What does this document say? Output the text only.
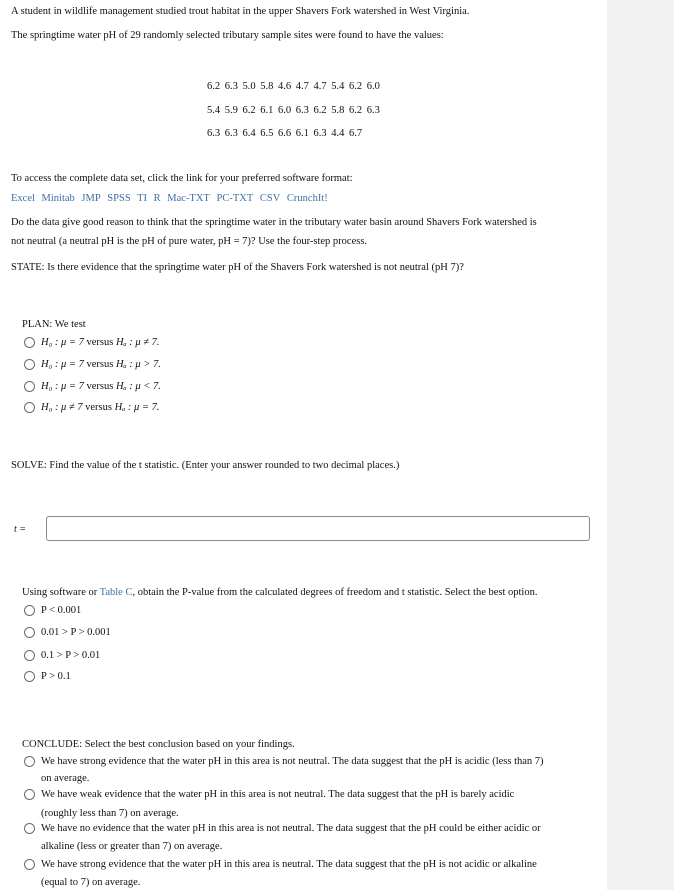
A student in wildlife management studied trout habitat in the upper Shavers Fork watershed in West Virginia.
The springtime water pH of 29 randomly selected tributary sample sites were found to have the values:
6.2 6.3 5.0 5.8 4.6 4.7 4.7 5.4 6.2 6.0
5.4 5.9 6.2 6.1 6.0 6.3 6.2 5.8 6.2 6.3
6.3 6.3 6.4 6.5 6.6 6.1 6.3 4.4 6.7
To access the complete data set, click the link for your preferred software format:
Excel Minitab JMP SPSS TI R Mac-TXT PC-TXT CSV CrunchIt!
Do the data give good reason to think that the springtime water in the tributary water basin around Shavers Fork watershed is
not neutral (a neutral pH is the pH of pure water, pH = 7)? Use the four-step process.
STATE: Is there evidence that the springtime water pH of the Shavers Fork watershed is not neutral (pH 7)?
PLAN: We test
H₀ : μ = 7 versus Hₐ : μ ≠ 7.
H₀ : μ = 7 versus Hₐ : μ > 7.
H₀ : μ = 7 versus Hₐ : μ < 7.
H₀ : μ ≠ 7 versus Hₐ : μ = 7.
SOLVE: Find the value of the t statistic. (Enter your answer rounded to two decimal places.)
t =
Using software or Table C, obtain the P-value from the calculated degrees of freedom and t statistic. Select the best option.
P < 0.001
0.01 > P > 0.001
0.1 > P > 0.01
P > 0.1
CONCLUDE: Select the best conclusion based on your findings.
We have strong evidence that the water pH in this area is not neutral. The data suggest that the pH is acidic (less than 7)
on average.
We have weak evidence that the water pH in this area is not neutral. The data suggest that the pH is barely acidic
(roughly less than 7) on average.
We have no evidence that the water pH in this area is not neutral. The data suggest that the pH could be either acidic or
alkaline (less or greater than 7) on average.
We have strong evidence that the water pH in this area is neutral. The data suggest that the pH is not acidic or alkaline
(equal to 7) on average.
